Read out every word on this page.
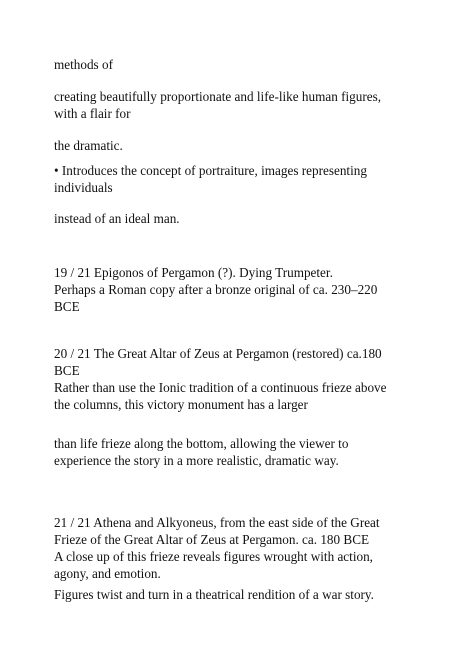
methods of

creating beautifully proportionate and life-like human figures,
with a flair for

the dramatic.

• Introduces the concept of portraiture, images representing
individuals

instead of an ideal man.

19 / 21 Epigonos of Pergamon (?). Dying Trumpeter.
Perhaps a Roman copy after a bronze original of ca. 230–220
BCE

20 / 21 The Great Altar of Zeus at Pergamon (restored) ca.180
BCE
Rather than use the Ionic tradition of a continuous frieze above
the columns, this victory monument has a larger

than life frieze along the bottom, allowing the viewer to
experience the story in a more realistic, dramatic way.

21 / 21 Athena and Alkyoneus, from the east side of the Great
Frieze of the Great Altar of Zeus at Pergamon. ca. 180 BCE
A close up of this frieze reveals figures wrought with action,
agony, and emotion.

Figures twist and turn in a theatrical rendition of a war story.
